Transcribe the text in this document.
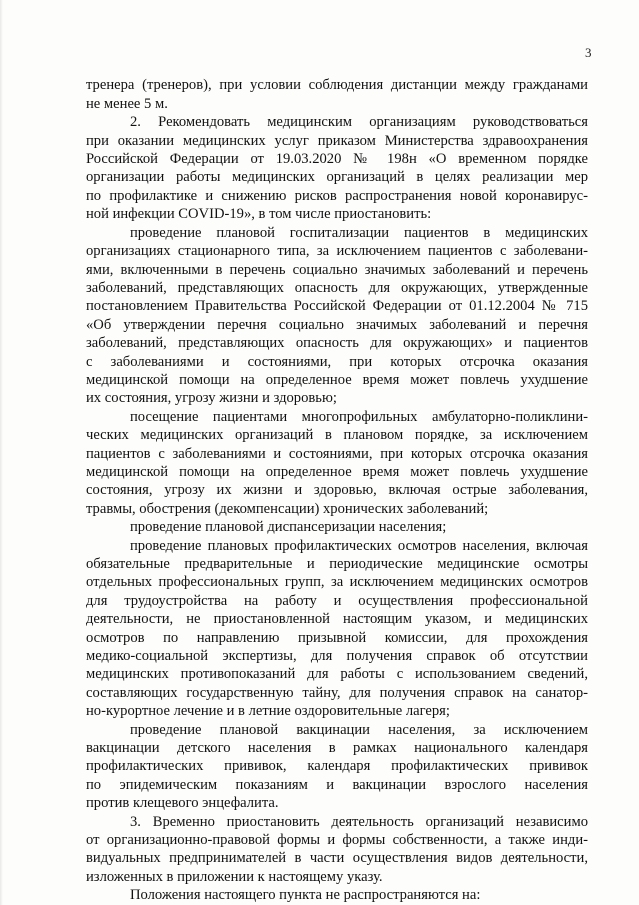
3
тренера (тренеров), при условии соблюдения дистанции между гражданами
не менее 5 м.
2. Рекомендовать медицинским организациям руководствоваться
при оказании медицинских услуг приказом Министерства здравоохранения
Российской Федерации от 19.03.2020 № 198н «О временном порядке
организации работы медицинских организаций в целях реализации мер
по профилактике и снижению рисков распространения новой коронавирус-
ной инфекции COVID-19», в том числе приостановить:
проведение плановой госпитализации пациентов в медицинских
организациях стационарного типа, за исключением пациентов с заболевани-
ями, включенными в перечень социально значимых заболеваний и перечень
заболеваний, представляющих опасность для окружающих, утвержденные
постановлением Правительства Российской Федерации от 01.12.2004 № 715
«Об утверждении перечня социально значимых заболеваний и перечня
заболеваний, представляющих опасность для окружающих» и пациентов
с заболеваниями и состояниями, при которых отсрочка оказания
медицинской помощи на определенное время может повлечь ухудшение
их состояния, угрозу жизни и здоровью;
посещение пациентами многопрофильных амбулаторно-поликлини-
ческих медицинских организаций в плановом порядке, за исключением
пациентов с заболеваниями и состояниями, при которых отсрочка оказания
медицинской помощи на определенное время может повлечь ухудшение
состояния, угрозу их жизни и здоровью, включая острые заболевания,
травмы, обострения (декомпенсации) хронических заболеваний;
проведение плановой диспансеризации населения;
проведение плановых профилактических осмотров населения, включая
обязательные предварительные и периодические медицинские осмотры
отдельных профессиональных групп, за исключением медицинских осмотров
для трудоустройства на работу и осуществления профессиональной
деятельности, не приостановленной настоящим указом, и медицинских
осмотров по направлению призывной комиссии, для прохождения
медико-социальной экспертизы, для получения справок об отсутствии
медицинских противопоказаний для работы с использованием сведений,
составляющих государственную тайну, для получения справок на санатор-
но-курортное лечение и в летние оздоровительные лагеря;
проведение плановой вакцинации населения, за исключением
вакцинации детского населения в рамках национального календаря
профилактических прививок, календаря профилактических прививок
по эпидемическим показаниям и вакцинации взрослого населения
против клещевого энцефалита.
3. Временно приостановить деятельность организаций независимо
от организационно-правовой формы и формы собственности, а также инди-
видуальных предпринимателей в части осуществления видов деятельности,
изложенных в приложении к настоящему указу.
Положения настоящего пункта не распространяются на:
